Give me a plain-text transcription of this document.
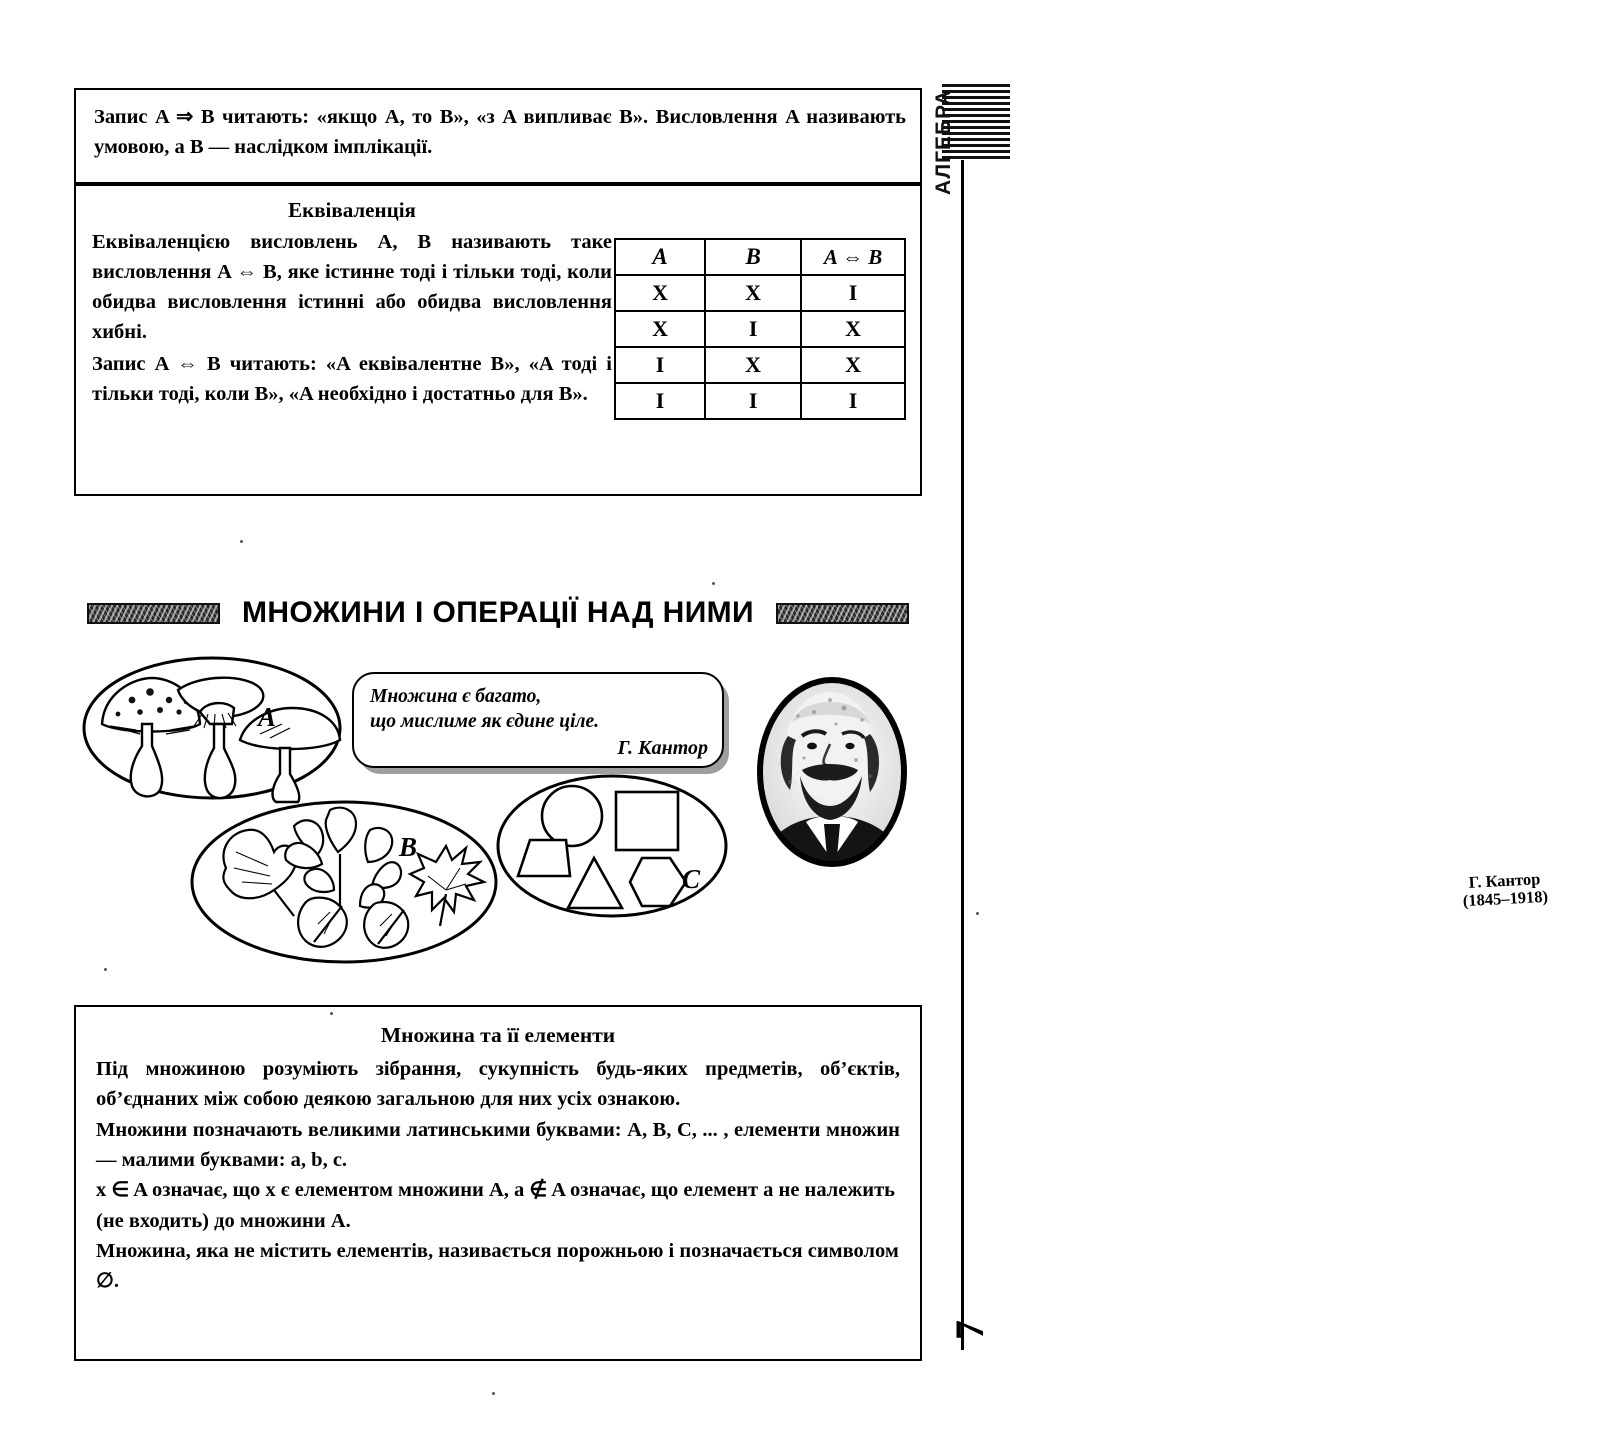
АЛГЕБРА
7
Запис A ⇒ B читають: «якщо A, то B», «з A випливає B». Висловлення A називають умовою, а B — наслідком імплікації.
Еквіваленція
Еквіваленцією висловлень A, B називають таке висловлення A ⇔ B, яке істинне тоді і тільки тоді, коли обидва висловлення істинні або обидва висловлення хибні.
Запис A ⇔ B читають: «A еквівалентне B», «A тоді і тільки тоді, коли B», «A необхідно і достатньо для B».
A	B	A ⇔ B
Х	Х	І
Х	І	Х
І	Х	Х
І	І	І
МНОЖИНИ І ОПЕРАЦІЇ НАД НИМИ
A
B
C
Множина є багато,
що мислиме як єдине ціле.
Г. Кантор
Г. Кантор
(1845–1918)
Множина та її елементи
Під множиною розуміють зібрання, сукупність будь-яких предметів, об’єктів, об’єднаних між собою деякою загальною для них усіх ознакою.
Множини позначають великими латинськими буквами: A, B, C, ... , елементи множин — малими буквами: a, b, c.
x ∈ A означає, що x є елементом множини A, a ∉ A означає, що елемент a не належить (не входить) до множини A.
Множина, яка не містить елементів, називається порожньою і позначається символом ∅.
